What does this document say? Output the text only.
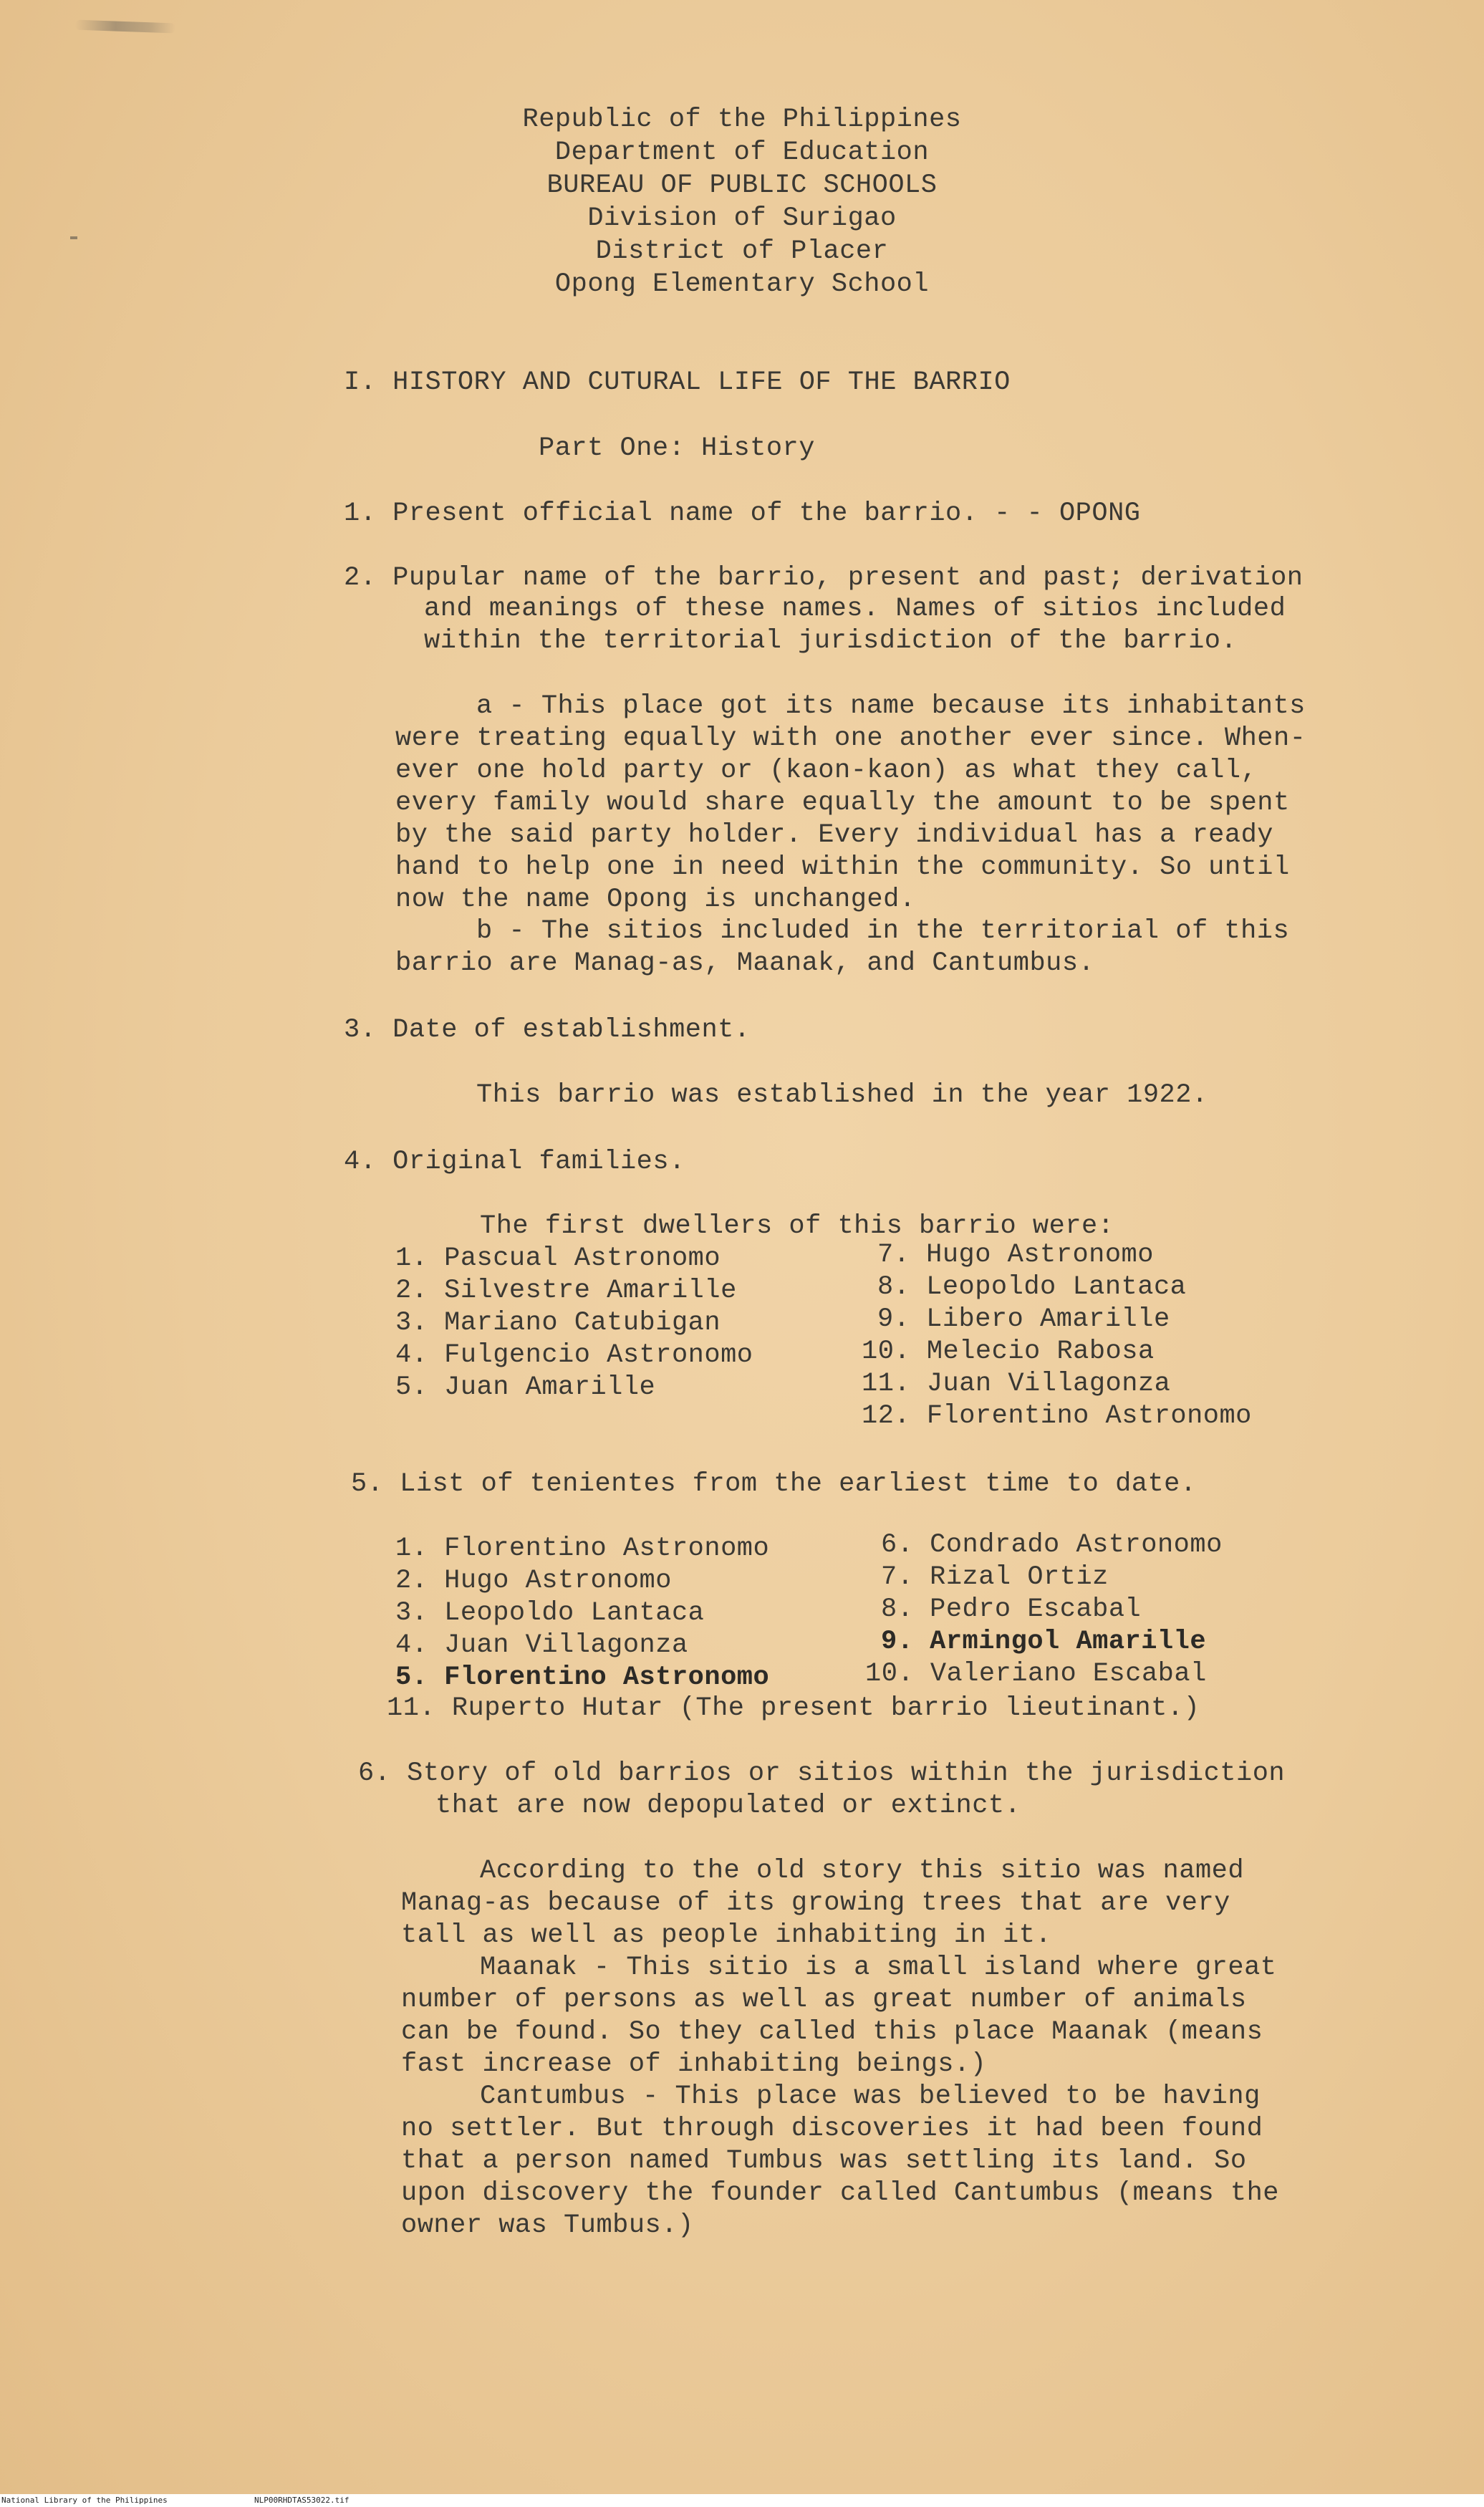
Republic of the Philippines
Department of Education
BUREAU OF PUBLIC SCHOOLS
Division of Surigao
District of Placer
Opong Elementary School
I. HISTORY AND CUTURAL LIFE OF THE BARRIO
Part One: History
1. Present official name of the barrio. - - OPONG
2. Pupular name of the barrio, present and past; derivation
and meanings of these names. Names of sitios included
within the territorial jurisdiction of the barrio.
a - This place got its name because its inhabitants
were treating equally with one another ever since. When-
ever one hold party or (kaon-kaon) as what they call,
every family would share equally the amount to be spent
by the said party holder. Every individual has a ready
hand to help one in need within the community. So until
now the name Opong is unchanged.
b - The sitios included in the territorial of this
barrio are Manag-as, Maanak, and Cantumbus.
3. Date of establishment.
This barrio was established in the year 1922.
4. Original families.
The first dwellers of this barrio were:
1. Pascual Astronomo
2. Silvestre Amarille
3. Mariano Catubigan
4. Fulgencio Astronomo
5. Juan Amarille
7. Hugo Astronomo
8. Leopoldo Lantaca
9. Libero Amarille
10. Melecio Rabosa
11. Juan Villagonza
12. Florentino Astronomo
5. List of tenientes from the earliest time to date.
1. Florentino Astronomo
2. Hugo Astronomo
3. Leopoldo Lantaca
4. Juan Villagonza
5. Florentino Astronomo
6. Condrado Astronomo
7. Rizal Ortiz
8. Pedro Escabal
9. Armingol Amarille
10. Valeriano Escabal
11. Ruperto Hutar (The present barrio lieutinant.)
6. Story of old barrios or sitios within the jurisdiction
that are now depopulated or extinct.
According to the old story this sitio was named
Manag-as because of its growing trees that are very
tall as well as people inhabiting in it.
Maanak - This sitio is a small island where great
number of persons as well as great number of animals
can be found. So they called this place Maanak (means
fast increase of inhabiting beings.)
Cantumbus - This place was believed to be having
no settler. But through discoveries it had been found
that a person named Tumbus was settling its land. So
upon discovery the founder called Cantumbus (means the
owner was Tumbus.)
National Library of the Philippines	NLP00RHDTAS53022.tif
